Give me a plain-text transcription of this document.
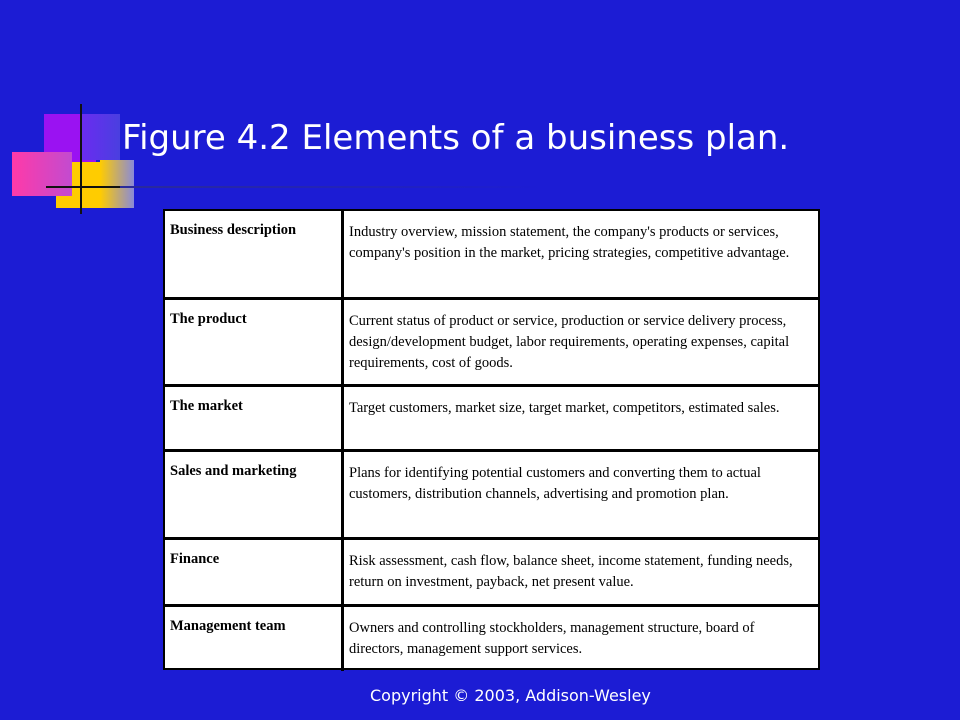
Figure 4.2 Elements of a business plan.
Business description	Industry overview, mission statement, the company's products or services, company's position in the market, pricing strategies, competitive advantage.
The product	Current status of product or service, production or service delivery process, design/development budget, labor requirements, operating expenses, capital requirements, cost of goods.
The market	Target customers, market size, target market, competitors, estimated sales.
Sales and marketing	Plans for identifying potential customers and converting them to actual customers, distribution channels, advertising and promotion plan.
Finance	Risk assessment, cash flow, balance sheet, income statement, funding needs, return on investment, payback, net present value.
Management team	Owners and controlling stockholders, management structure, board of directors, management support services.
Copyright © 2003, Addison-Wesley
